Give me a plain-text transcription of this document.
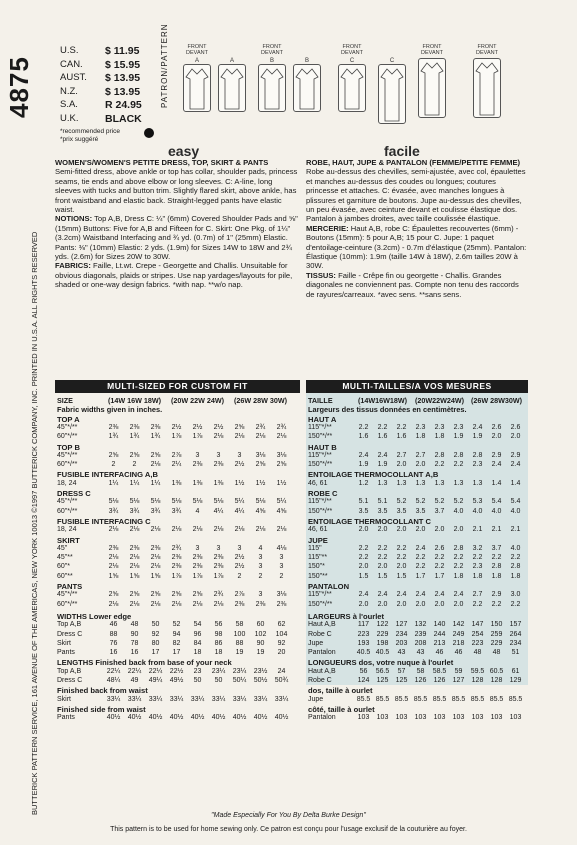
4875
BUTTERICK PATTERN SERVICE, 161 AVENUE OF THE AMERICAS, NEW YORK 10013 ©1997 BUTTERICK COMPANY, INC. PRINTED IN U.S.A. ALL RIGHTS RESERVED
PATRON/PATTERN
U.S.	$ 11.95
CAN.	$ 15.95
AUST.	$ 13.95
N.Z.	$ 13.95
S.A.	R 24.95
U.K.	BLACK
*recommended price
*prix suggéré
FRONT DEVANT
A	A
FRONT DEVANT
B	B
FRONT DEVANT
C	C
FRONT DEVANT
FRONT DEVANT
easy	facile
WOMEN'S/WOMEN'S PETITE DRESS, TOP, SKIRT & PANTS
Semi-fitted dress, above ankle or top has collar, shoulder pads, princess seams, tie ends and above elbow or long sleeves. C: A-line, long sleeves with tucks and button trim. Slightly flared skirt, above ankle, has front waistband and elastic back. Straight-legged pants have elastic waist.
NOTIONS: Top A,B, Dress C: ¼" (6mm) Covered Shoulder Pads and ⅝" (15mm) Buttons: Five for A,B and Fifteen for C. Skirt: One Pkg. of 1¼" (3.2cm) Waistband Interfacing and ¾ yd. (0.7m) of 1" (25mm) Elastic. Pants: ⅜" (10mm) Elastic: 2 yds. (1.9m) for Sizes 14W to 18W and 2¾ yds. (2.6m) for Sizes 20W to 30W.
FABRICS: Faille, Lt.wt. Crepe - Georgette and Challis. Unsuitable for obvious diagonals, plaids or stripes. Use nap yardages/layouts for pile, shaded or one-way design fabrics. *with nap. **w/o nap.
ROBE, HAUT, JUPE & PANTALON (FEMME/PETITE FEMME)
Robe au-dessus des chevilles, semi-ajustée, avec col, épaulettes et manches au-dessus des coudes ou longues; coutures princesse et attaches. C: évasée, avec manches longues à plissures et garniture de boutons. Jupe au-dessus des chevilles, un peu évasée, avec ceinture devant et coulisse élastique dos. Pantalon à jambes droites, avec taille coulissée élastique.
MERCERIE: Haut A,B, robe C: Épaulettes recouvertes (6mm) - Boutons (15mm): 5 pour A,B; 15 pour C. Jupe: 1 paquet d'entoilage-ceinture (3.2cm) - 0.7m d'élastique (25mm). Pantalon: Élastique (10mm): 1.9m (taille 14W à 18W), 2.6m tailles 20W à 30W.
TISSUS: Faille - Crêpe fin ou georgette - Challis. Grandes diagonales ne conviennent pas. Compte non tenu des raccords de rayures/carreaux. *avec sens. **sans sens.
MULTI-SIZED FOR CUSTOM FIT	MULTI-TAILLES/A VOS MESURES
SIZE	(14W 16W 18W) (20W 22W 24W) (26W 28W 30W)
Fabric widths given in inches.
TOP A
45"*/**	2⅜	2⅜	2⅜	2½	2½	2½	2⅝	2¾	2¾
60"*/**	1¾	1¾	1¾	1⅞	1⅞	2⅛	2⅛	2⅛	2⅛
TOP B
45"*/**	2⅝	2⅝	2⅝	2⅞	3	3	3	3⅛	3⅛
60"*/**	2	2	2⅛	2¼	2⅜	2⅜	2½	2⅝	2⅝
FUSIBLE INTERFACING A,B
18, 24	1¼	1¼	1¼	1⅜	1⅜	1⅜	1½	1½	1½
DRESS C
45"*/**	5⅛	5⅛	5⅛	5⅛	5⅛	5⅛	5¼	5⅛	5¼
60"*/**	3¾	3¾	3¾	3¾	4	4¼	4¼	4⅝	4⅝
FUSIBLE INTERFACING C
18, 24	2⅛	2⅛	2⅛	2⅛	2⅛	2⅛	2⅛	2⅛	2⅛
SKIRT
45"	2⅜	2⅜	2⅜	2¾	3	3	3	4	4⅛
45"**	2⅛	2⅛	2⅛	2⅜	2⅜	2⅜	2½	3	3
60"*	2⅛	2⅛	2⅛	2⅜	2⅜	2⅜	2½	3	3
60"**	1⅝	1⅝	1⅝	1⅞	1⅞	1⅞	2	2	2
PANTS
45"*/**	2⅝	2⅝	2⅝	2⅝	2⅝	2¾	2⅞	3	3⅛
60"*/**	2⅛	2⅛	2⅛	2⅛	2⅛	2⅛	2⅜	2⅜	2⅜
WIDTHS Lower edge
Top A,B	46	48	50	52	54	56	58	60	62
Dress C	88	90	92	94	96	98	100	102	104
Skirt	76	78	80	82	84	86	88	90	92
Pants	16	16	17	17	18	18	19	19	20
LENGTHS Finished back from base of your neck
Top A,B	22¼	22¼	22¼	22½	23	23¼	23¼	23½	24
Dress C	48¼	49	49¼	49½	50	50	50¼	50½	50¾
Finished back from waist
Skirt	33¼	33¼	33¼	33¼	33¼	33¼	33¼	33¼	33¼
Finished side from waist
Pants	40½	40½	40½	40½	40½	40½	40½	40½	40½
TAILLE	(14W16W18W) (20W22W24W) (26W 28W30W)
Largeurs des tissus données en centimètres.
HAUT A
115"*/**	2.2	2.2	2.2	2.3	2.3	2.3	2.4	2.6	2.6
150"*/**	1.6	1.6	1.6	1.8	1.8	1.9	1.9	2.0	2.0
HAUT B
115"*/**	2.4	2.4	2.7	2.7	2.8	2.8	2.8	2.9	2.9
150"*/**	1.9	1.9	2.0	2.0	2.2	2.2	2.3	2.4	2.4
ENTOILAGE THERMOCOLLANT A,B
46, 61	1.2	1.3	1.3	1.3	1.3	1.3	1.3	1.4	1.4
ROBE C
115"*/**	5.1	5.1	5.2	5.2	5.2	5.2	5.3	5.4	5.4
150"*/**	3.5	3.5	3.5	3.5	3.7	4.0	4.0	4.0	4.0
ENTOILAGE THERMOCOLLANT C
46, 61	2.0	2.0	2.0	2.0	2.0	2.0	2.1	2.1	2.1
JUPE
115"	2.2	2.2	2.2	2.4	2.6	2.8	3.2	3.7	4.0
115"**	2.2	2.2	2.2	2.2	2.2	2.2	2.2	2.2	2.2
150"*	2.0	2.0	2.0	2.2	2.2	2.2	2.3	2.8	2.8
150"**	1.5	1.5	1.5	1.7	1.7	1.8	1.8	1.8	1.8
PANTALON
115"*/**	2.4	2.4	2.4	2.4	2.4	2.4	2.7	2.9	3.0
150"*/**	2.0	2.0	2.0	2.0	2.0	2.0	2.2	2.2	2.2
LARGEURS à l'ourlet
Haut A,B	117	122	127	132	140	142	147	150	157
Robe C	223	229	234	239	244	249	254	259	264
Jupe	193	198	203	208	213	218	223	229	234
Pantalon	40.5 40.5	43	43	46	46	48	48	51
LONGUEURS dos, votre nuque à l'ourlet
Haut A,B	56	56.5	57	58	58.5	59	59.5 60.5	61
Robe C	124	125	125	126	126	127	128	128	129
dos, taille à ourlet
Jupe	85.5 85.5 85.5 85.5 85.5 85.5 85.5 85.5 85.5
côté, taille à ourlet
Pantalon	103	103	103	103	103	103	103	103	103
"Made Especially For You By Delta Burke Design"
This pattern is to be used for home sewing only. Ce patron est conçu pour l'usage exclusif de la couturière au foyer.
